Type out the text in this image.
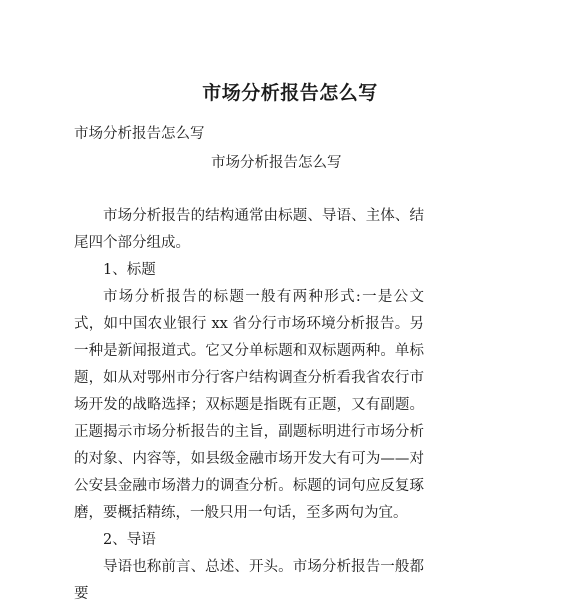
市场分析报告怎么写
市场分析报告怎么写
市场分析报告怎么写

市场分析报告的结构通常由标题、导语、主体、结尾四个部分组成。

1、标题

市场分析报告的标题一般有两种形式:一是公文式，如中国农业银行 xx 省分行市场环境分析报告。另一种是新闻报道式。它又分单标题和双标题两种。单标题，如从对鄂州市分行客户结构调查分析看我省农行市场开发的战略选择；双标题是指既有正题，又有副题。正题揭示市场分析报告的主旨，副题标明进行市场分析的对象、内容等，如县级金融市场开发大有可为——对公安县金融市场潜力的调查分析。标题的词句应反复琢磨，要概括精练，一般只用一句话，至多两句为宜。

2、导语

导语也称前言、总述、开头。市场分析报告一般都要
